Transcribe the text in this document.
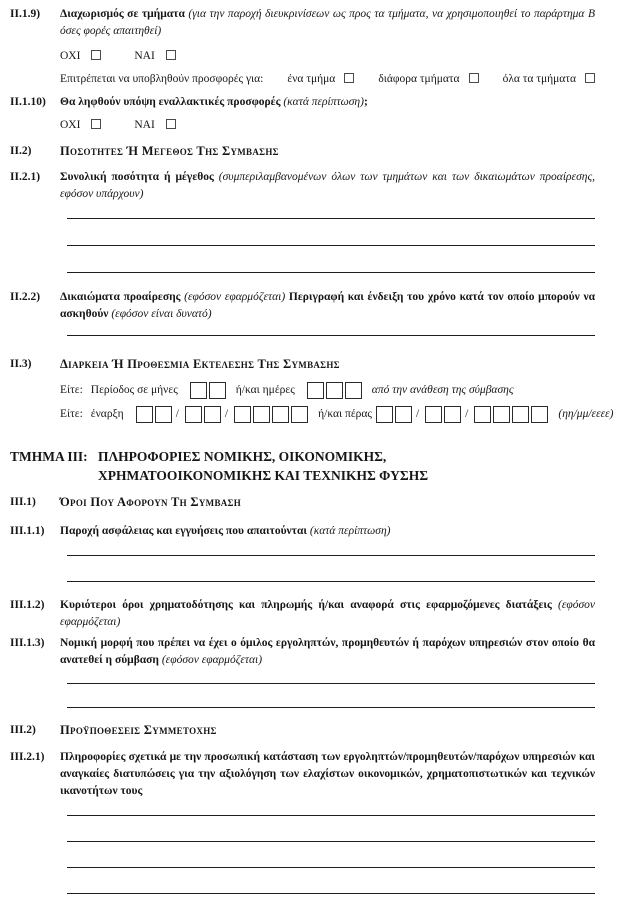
II.1.9)	Διαχωρισμός σε τμήματα (για την παροχή διευκρινίσεων ως προς τα τμήματα, να χρησιμοποιηθεί το παράρτημα Β όσες φορές απαιτηθεί)
ΟΧΙ	ΝΑΙ
Επιτρέπεται να υποβληθούν προσφορές για: ένα τμήμα	διάφορα τμήματα	όλα τα τμήματα
II.1.10)	Θα ληφθούν υπόψη εναλλακτικές προσφορές (κατά περίπτωση);
ΟΧΙ	ΝΑΙ
II.2)	Ποσοτητες Ή Μεγεθος Της Συμβασης
II.2.1)	Συνολική ποσότητα ή μέγεθος (συμπεριλαμβανομένων όλων των τμημάτων και των δικαιωμάτων προαίρεσης, εφόσον υπάρχουν)
II.2.2)	Δικαιώματα προαίρεσης (εφόσον εφαρμόζεται) Περιγραφή και ένδειξη του χρόνο κατά τον οποίο μπορούν να ασκηθούν (εφόσον είναι δυνατό)
II.3)	Διαρκεια Ή Προθεσμια Εκτελεσης Της Συμβασης
Είτε: Περίοδος σε μήνες	ή/και ημέρες	από την ανάθεση της σύμβασης
Είτε: έναρξη	/	/	ή/και πέρας	/	/	(ηη/μμ/εεεε)
ΤΜΗΜΑ ΙΙΙ: ΠΛΗΡΟΦΟΡΙΕΣ ΝΟΜΙΚΗΣ, ΟΙΚΟΝΟΜΙΚΗΣ,
ΧΡΗΜΑΤΟΟΙΚΟΝΟΜΙΚΗΣ ΚΑΙ ΤΕΧΝΙΚΗΣ ΦΥΣΗΣ
III.1)	Όροι Που Αφορουν Τη Συμβαση
III.1.1)	Παροχή ασφάλειας και εγγυήσεις που απαιτούνται (κατά περίπτωση)
III.1.2)	Κυριότεροι όροι χρηματοδότησης και πληρωμής ή/και αναφορά στις εφαρμοζόμενες διατάξεις (εφόσον εφαρμόζεται)
III.1.3)	Νομική μορφή που πρέπει να έχει ο όμιλος εργοληπτών, προμηθευτών ή παρόχων υπηρεσιών στον οποίο θα ανατεθεί η σύμβαση (εφόσον εφαρμόζεται)
III.2)	Προϋποθεσεις Συμμετοχης
III.2.1)	Πληροφορίες σχετικά με την προσωπική κατάσταση των εργοληπτών/προμηθευτών/παρόχων υπηρεσιών και αναγκαίες διατυπώσεις για την αξιολόγηση των ελαχίστων οικονομικών, χρηματοπιστωτικών και τεχνικών ικανοτήτων τους
